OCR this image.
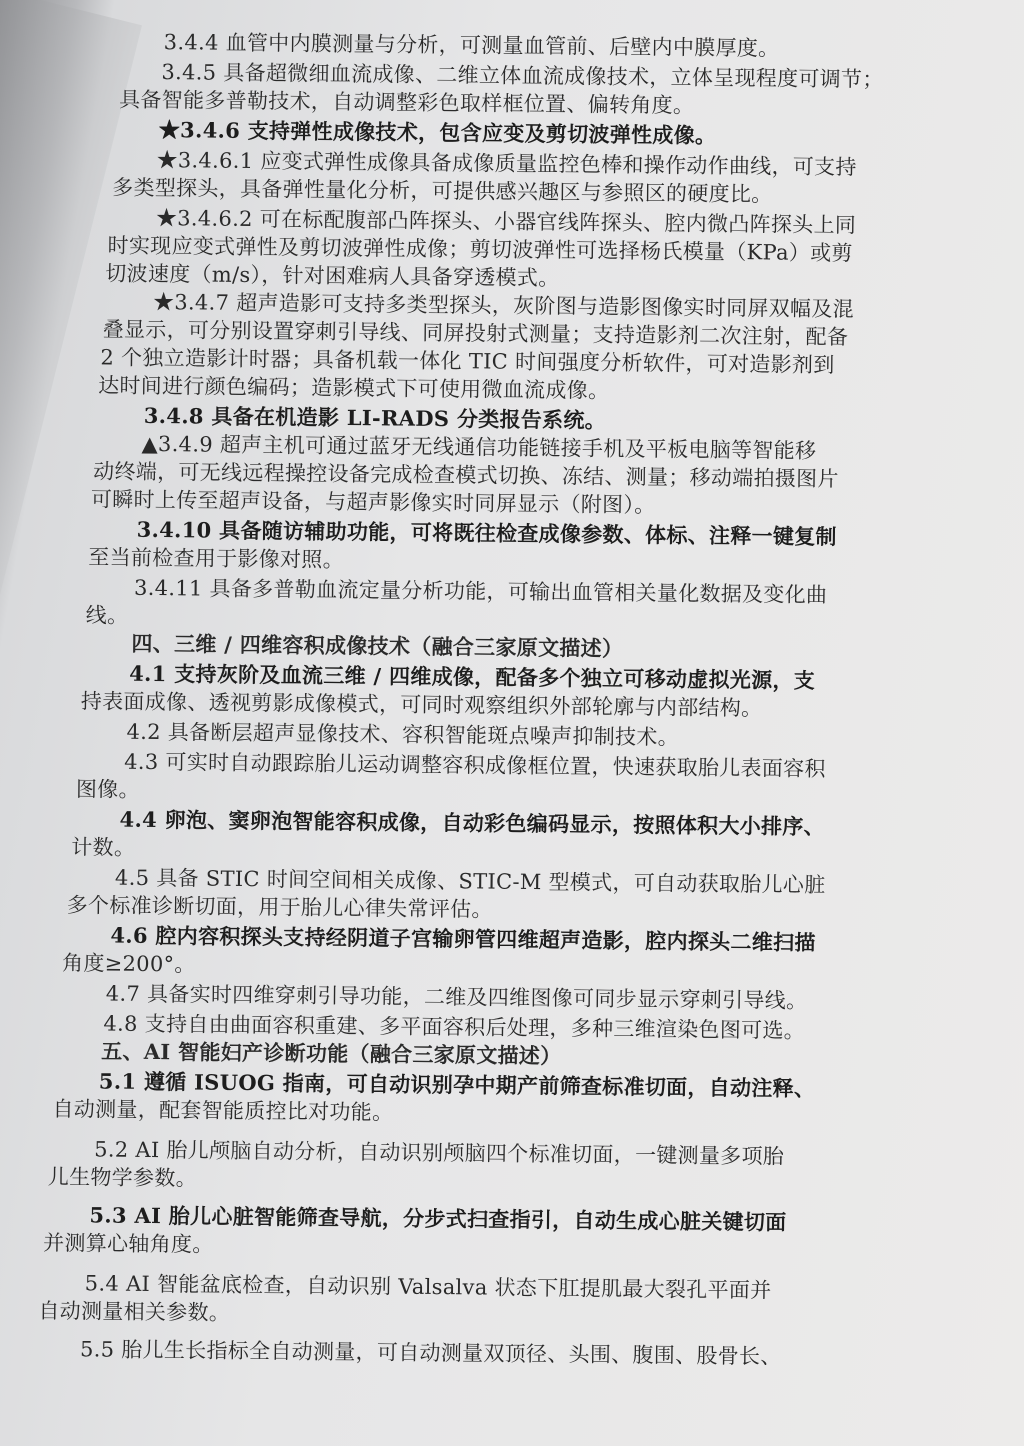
3.4.4 血管中内膜测量与分析，可测量血管前、后壁内中膜厚度。
3.4.5 具备超微细血流成像、二维立体血流成像技术，立体呈现程度可调节；
具备智能多普勒技术，自动调整彩色取样框位置、偏转角度。
★3.4.6 支持弹性成像技术，包含应变及剪切波弹性成像。
★3.4.6.1 应变式弹性成像具备成像质量监控色棒和操作动作曲线，可支持
多类型探头，具备弹性量化分析，可提供感兴趣区与参照区的硬度比。
★3.4.6.2 可在标配腹部凸阵探头、小器官线阵探头、腔内微凸阵探头上同
时实现应变式弹性及剪切波弹性成像；剪切波弹性可选择杨氏模量（KPa）或剪
切波速度（m/s），针对困难病人具备穿透模式。
★3.4.7 超声造影可支持多类型探头，灰阶图与造影图像实时同屏双幅及混
叠显示，可分别设置穿刺引导线、同屏投射式测量；支持造影剂二次注射，配备
2 个独立造影计时器；具备机载一体化 TIC 时间强度分析软件，可对造影剂到
达时间进行颜色编码；造影模式下可使用微血流成像。
3.4.8 具备在机造影 LI-RADS 分类报告系统。
▲3.4.9 超声主机可通过蓝牙无线通信功能链接手机及平板电脑等智能移
动终端，可无线远程操控设备完成检查模式切换、冻结、测量；移动端拍摄图片
可瞬时上传至超声设备，与超声影像实时同屏显示（附图）。
3.4.10 具备随访辅助功能，可将既往检查成像参数、体标、注释一键复制
至当前检查用于影像对照。
3.4.11 具备多普勒血流定量分析功能，可输出血管相关量化数据及变化曲
线。
四、三维 / 四维容积成像技术（融合三家原文描述）
4.1 支持灰阶及血流三维 / 四维成像，配备多个独立可移动虚拟光源，支
持表面成像、透视剪影成像模式，可同时观察组织外部轮廓与内部结构。
4.2 具备断层超声显像技术、容积智能斑点噪声抑制技术。
4.3 可实时自动跟踪胎儿运动调整容积成像框位置，快速获取胎儿表面容积
图像。
4.4 卵泡、窦卵泡智能容积成像，自动彩色编码显示，按照体积大小排序、
计数。
4.5 具备 STIC 时间空间相关成像、STIC-M 型模式，可自动获取胎儿心脏
多个标准诊断切面，用于胎儿心律失常评估。
4.6 腔内容积探头支持经阴道子宫输卵管四维超声造影，腔内探头二维扫描
角度≥200°。
4.7 具备实时四维穿刺引导功能，二维及四维图像可同步显示穿刺引导线。
4.8 支持自由曲面容积重建、多平面容积后处理，多种三维渲染色图可选。
五、AI 智能妇产诊断功能（融合三家原文描述）
5.1 遵循 ISUOG 指南，可自动识别孕中期产前筛查标准切面，自动注释、
自动测量，配套智能质控比对功能。
5.2 AI 胎儿颅脑自动分析，自动识别颅脑四个标准切面，一键测量多项胎
儿生物学参数。
5.3 AI 胎儿心脏智能筛查导航，分步式扫查指引，自动生成心脏关键切面
并测算心轴角度。
5.4 AI 智能盆底检查，自动识别 Valsalva 状态下肛提肌最大裂孔平面并
自动测量相关参数。
5.5 胎儿生长指标全自动测量，可自动测量双顶径、头围、腹围、股骨长、
